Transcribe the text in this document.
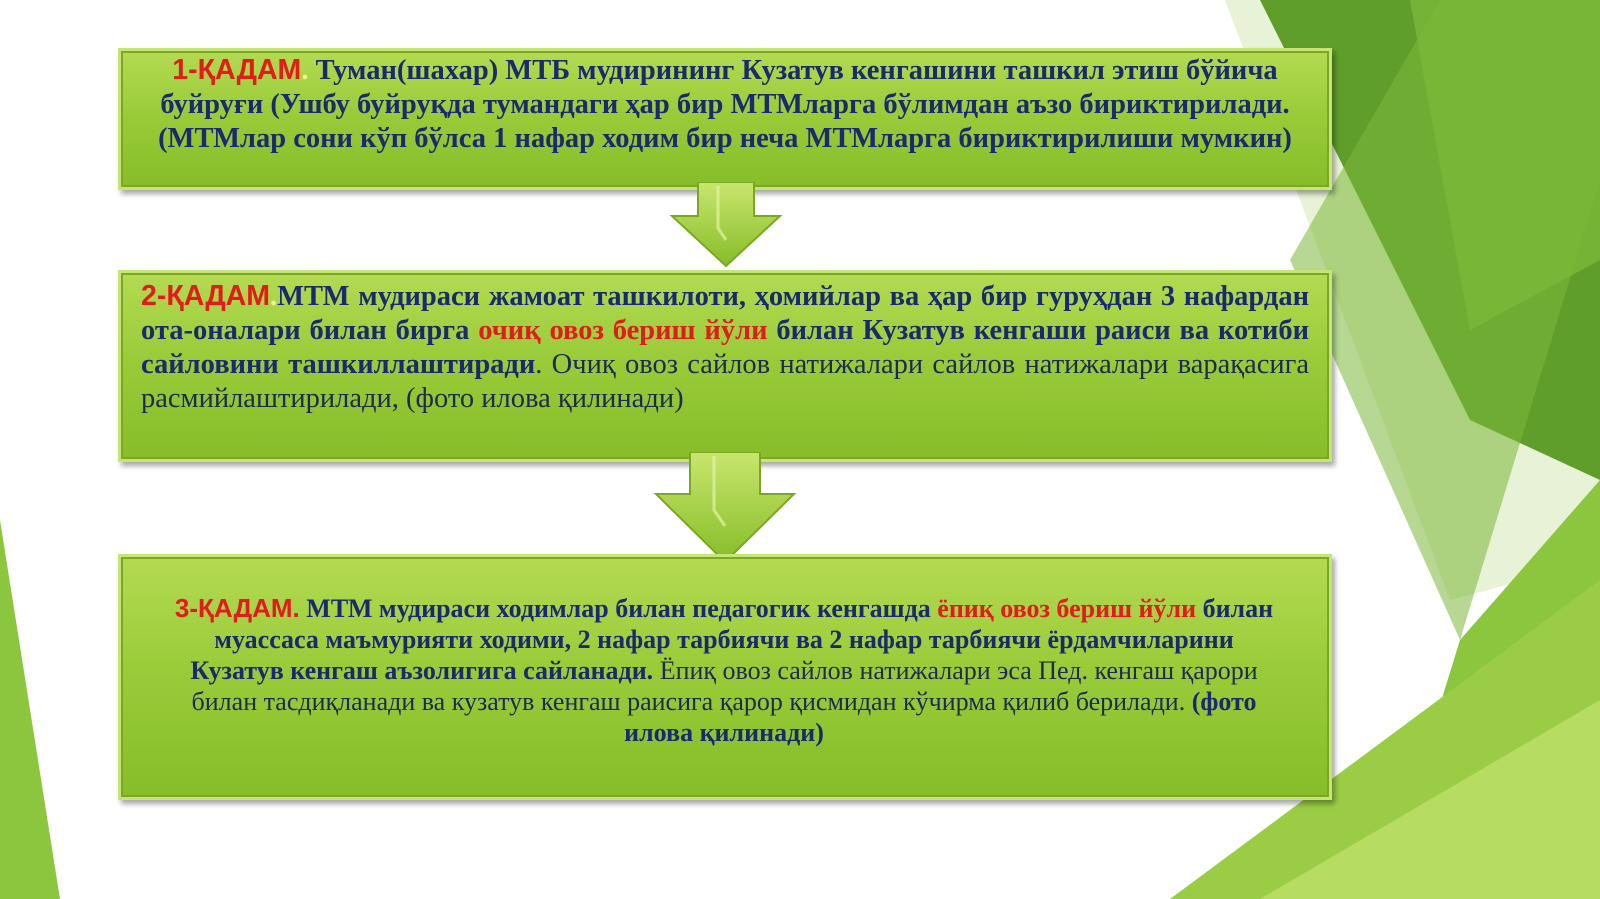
1-ҚАДАМ. Туман(шахар) МТБ мудирининг Кузатув кенгашини ташкил этиш бўйича буйруғи (Ушбу буйруқда тумандаги ҳар бир МТМларга бўлимдан аъзо бириктирилади. (МТМлар сони кўп бўлса 1 нафар ходим бир неча МТМларга бириктирилиши мумкин)
2-ҚАДАМ.МТМ мудираси жамоат ташкилоти, ҳомийлар ва ҳар бир гуруҳдан 3 нафардан ота-оналари билан бирга очиқ овоз бериш йўли билан Кузатув кенгаши раиси ва котиби сайловини ташкиллаштиради. Очиқ овоз сайлов натижалари сайлов натижалари варақасига расмийлаштирилади, (фото илова қилинади)
3-ҚАДАМ. МТМ мудираси ходимлар билан педагогик кенгашда ёпиқ овоз бериш йўли билан муассаса маъмурияти ходими, 2 нафар тарбиячи ва 2 нафар тарбиячи ёрдамчиларини Кузатув кенгаш аъзолигига сайланади. Ёпиқ овоз сайлов натижалари эса Пед. кенгаш қарори билан тасдиқланади ва кузатув кенгаш раисига қарор қисмидан кўчирма қилиб берилади. (фото илова қилинади)
